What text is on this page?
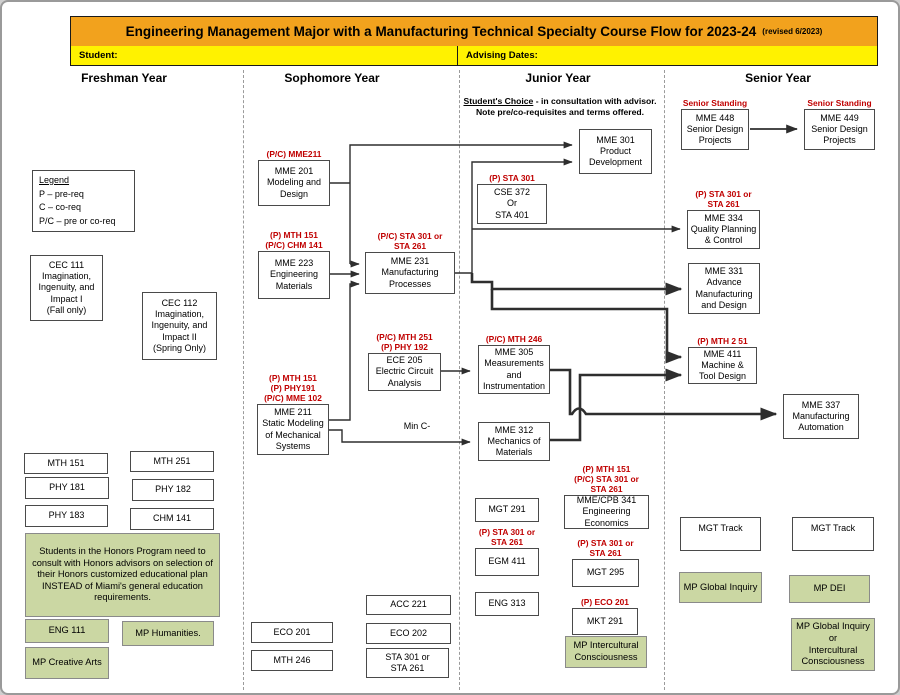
Engineering Management Major with a Manufacturing Technical Specialty Course Flow for 2023-24 (revised 6/2023)
Student:	Advising Dates:
Freshman Year	Sophomore Year	Junior Year	Senior Year
Student's Choice - in consultation with advisor.
Note pre/co-requisites and terms offered.
Legend
P – pre-req
C – co-req
P/C – pre or co-req
Min C-
CEC 111
Imagination,
Ingenuity, and
Impact I
(Fall only)
CEC 112
Imagination,
Ingenuity, and
Impact II
(Spring Only)
MTH 151	MTH 251
PHY 181	PHY 182
PHY 183	CHM 141
Students in the Honors Program need to
consult with Honors advisors on selection of
their Honors customized educational plan
INSTEAD of Miami's general education
requirements.
ENG 111	MP Humanities.
MP Creative Arts
(P/C) MME211
MME 201
Modeling and
Design
(P) MTH 151
(P/C) CHM 141
MME 223
Engineering
Materials
(P/C) STA 301 or
STA 261
MME 231
Manufacturing
Processes
(P/C) MTH 251
(P) PHY 192
ECE 205
Electric Circuit
Analysis
(P) MTH 151
(P) PHY191
(P/C) MME 102
MME 211
Static Modeling
of Mechanical
Systems
ECO 201
MTH 246
ACC 221
ECO 202
STA 301 or
STA 261
MME 301
Product
Development
(P) STA 301
CSE 372
Or
STA 401
(P/C) MTH 246
MME 305
Measurements
and
Instrumentation
MME 312
Mechanics of
Materials
MGT 291
(P) STA 301 or
STA 261
EGM 411
ENG 313
(P) MTH 151
(P/C) STA 301 or
STA 261
MME/CPB 341
Engineering
Economics
(P) STA 301 or
STA 261
MGT 295
(P) ECO 201
MKT 291
MP Intercultural
Consciousness
Senior Standing
MME 448
Senior Design
Projects
Senior Standing
MME 449
Senior Design
Projects
(P) STA 301 or
STA 261
MME 334
Quality Planning
& Control
MME 331
Advance
Manufacturing
and Design
(P) MTH 2 51
MME 411
Machine &
Tool Design
MME 337
Manufacturing
Automation
MGT Track	MGT Track
MP Global Inquiry	MP DEI
MP Global Inquiry
or
Intercultural
Consciousness
